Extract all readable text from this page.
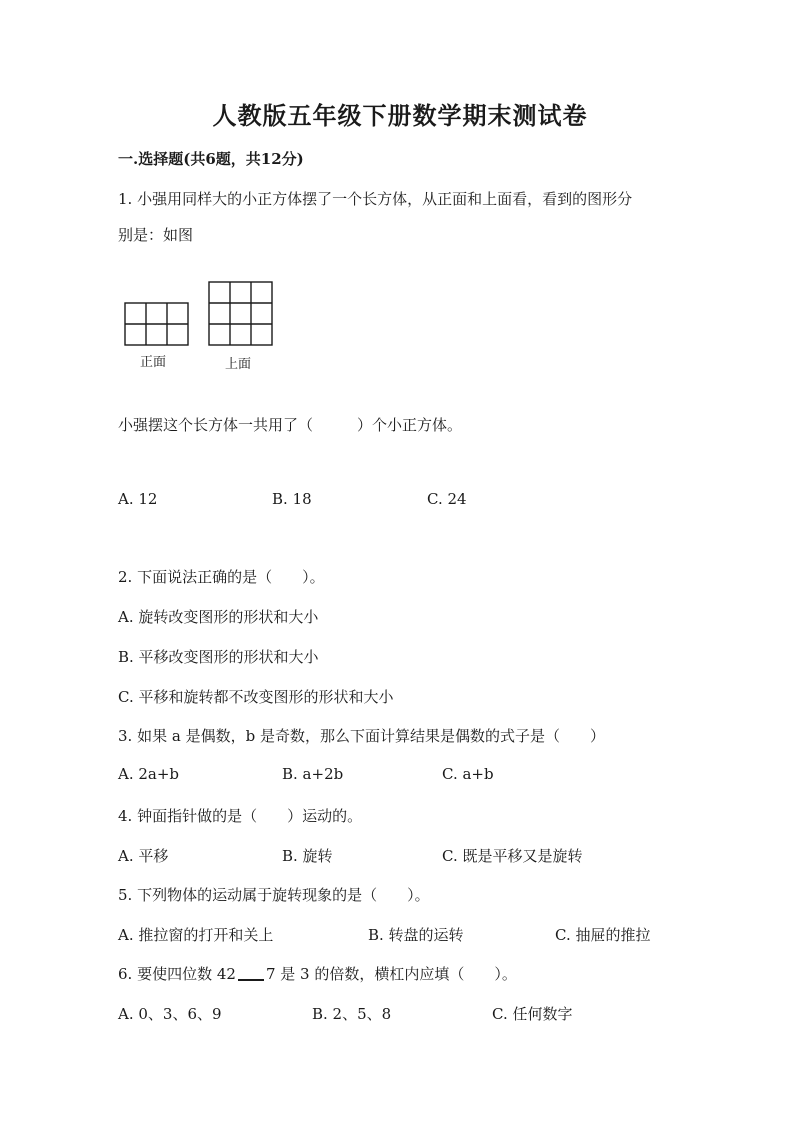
人教版五年级下册数学期末测试卷
一.选择题(共6题，共12分)
1. 小强用同样大的小正方体摆了一个长方体，从正面和上面看，看到的图形分
别是：如图
正面	上面
小强摆这个长方体一共用了（	）个小正方体。
A. 12	B. 18	C. 24
2. 下面说法正确的是（　　）。
A. 旋转改变图形的形状和大小
B. 平移改变图形的形状和大小
C. 平移和旋转都不改变图形的形状和大小
3. 如果 a 是偶数，b 是奇数，那么下面计算结果是偶数的式子是（　　）
A. 2a+b	B. a+2b	C. a+b
4. 钟面指针做的是（　　）运动的。
A. 平移	B. 旋转	C. 既是平移又是旋转
5. 下列物体的运动属于旋转现象的是（　　）。
A. 推拉窗的打开和关上	B. 转盘的运转	C. 抽屉的推拉
6. 要使四位数 42 7 是 3 的倍数，横杠内应填（　　）。
A. 0、3、6、9	B. 2、5、8	C. 任何数字
